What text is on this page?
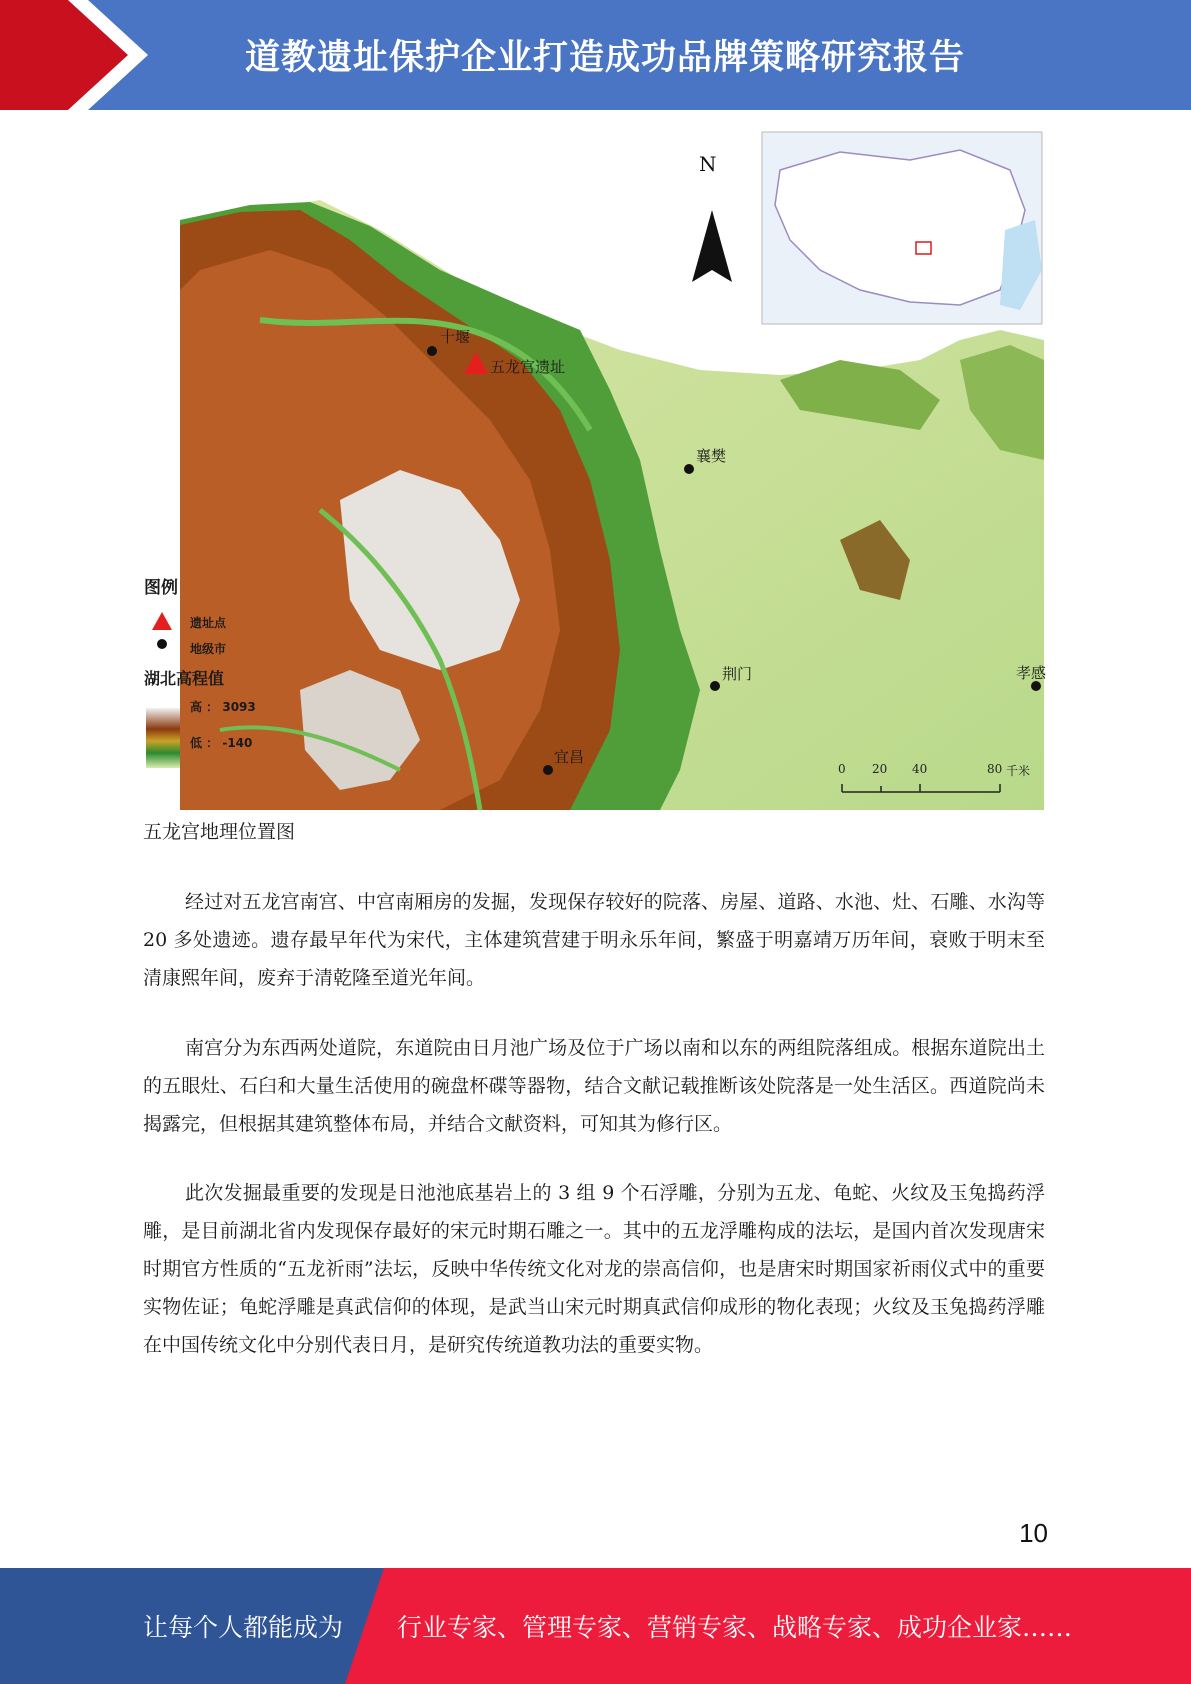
道教遗址保护企业打造成功品牌策略研究报告
N
十堰
五龙宫遗址
襄樊
荆门
宜昌
孝感
图例
遗址点
地级市
湖北高程值
高 ： 3093
低 ： -140
0 20 40	80 千米
五龙宫地理位置图

经过对五龙宫南宫、中宫南厢房的发掘，发现保存较好的院落、房屋、道路、水池、灶、石雕、水沟等 20 多处遗迹。遗存最早年代为宋代，主体建筑营建于明永乐年间，繁盛于明嘉靖万历年间，衰败于明末至清康熙年间，废弃于清乾隆至道光年间。

南宫分为东西两处道院，东道院由日月池广场及位于广场以南和以东的两组院落组成。根据东道院出土的五眼灶、石臼和大量生活使用的碗盘杯碟等器物，结合文献记载推断该处院落是一处生活区。西道院尚未揭露完，但根据其建筑整体布局，并结合文献资料，可知其为修行区。

此次发掘最重要的发现是日池池底基岩上的 3 组 9 个石浮雕，分别为五龙、龟蛇、火纹及玉兔捣药浮雕，是目前湖北省内发现保存最好的宋元时期石雕之一。其中的五龙浮雕构成的法坛，是国内首次发现唐宋时期官方性质的“五龙祈雨”法坛，反映中华传统文化对龙的崇高信仰，也是唐宋时期国家祈雨仪式中的重要实物佐证；龟蛇浮雕是真武信仰的体现，是武当山宋元时期真武信仰成形的物化表现；火纹及玉兔捣药浮雕在中国传统文化中分别代表日月，是研究传统道教功法的重要实物。

10
让每个人都能成为 行业专家、管理专家、营销专家、战略专家、成功企业家……
